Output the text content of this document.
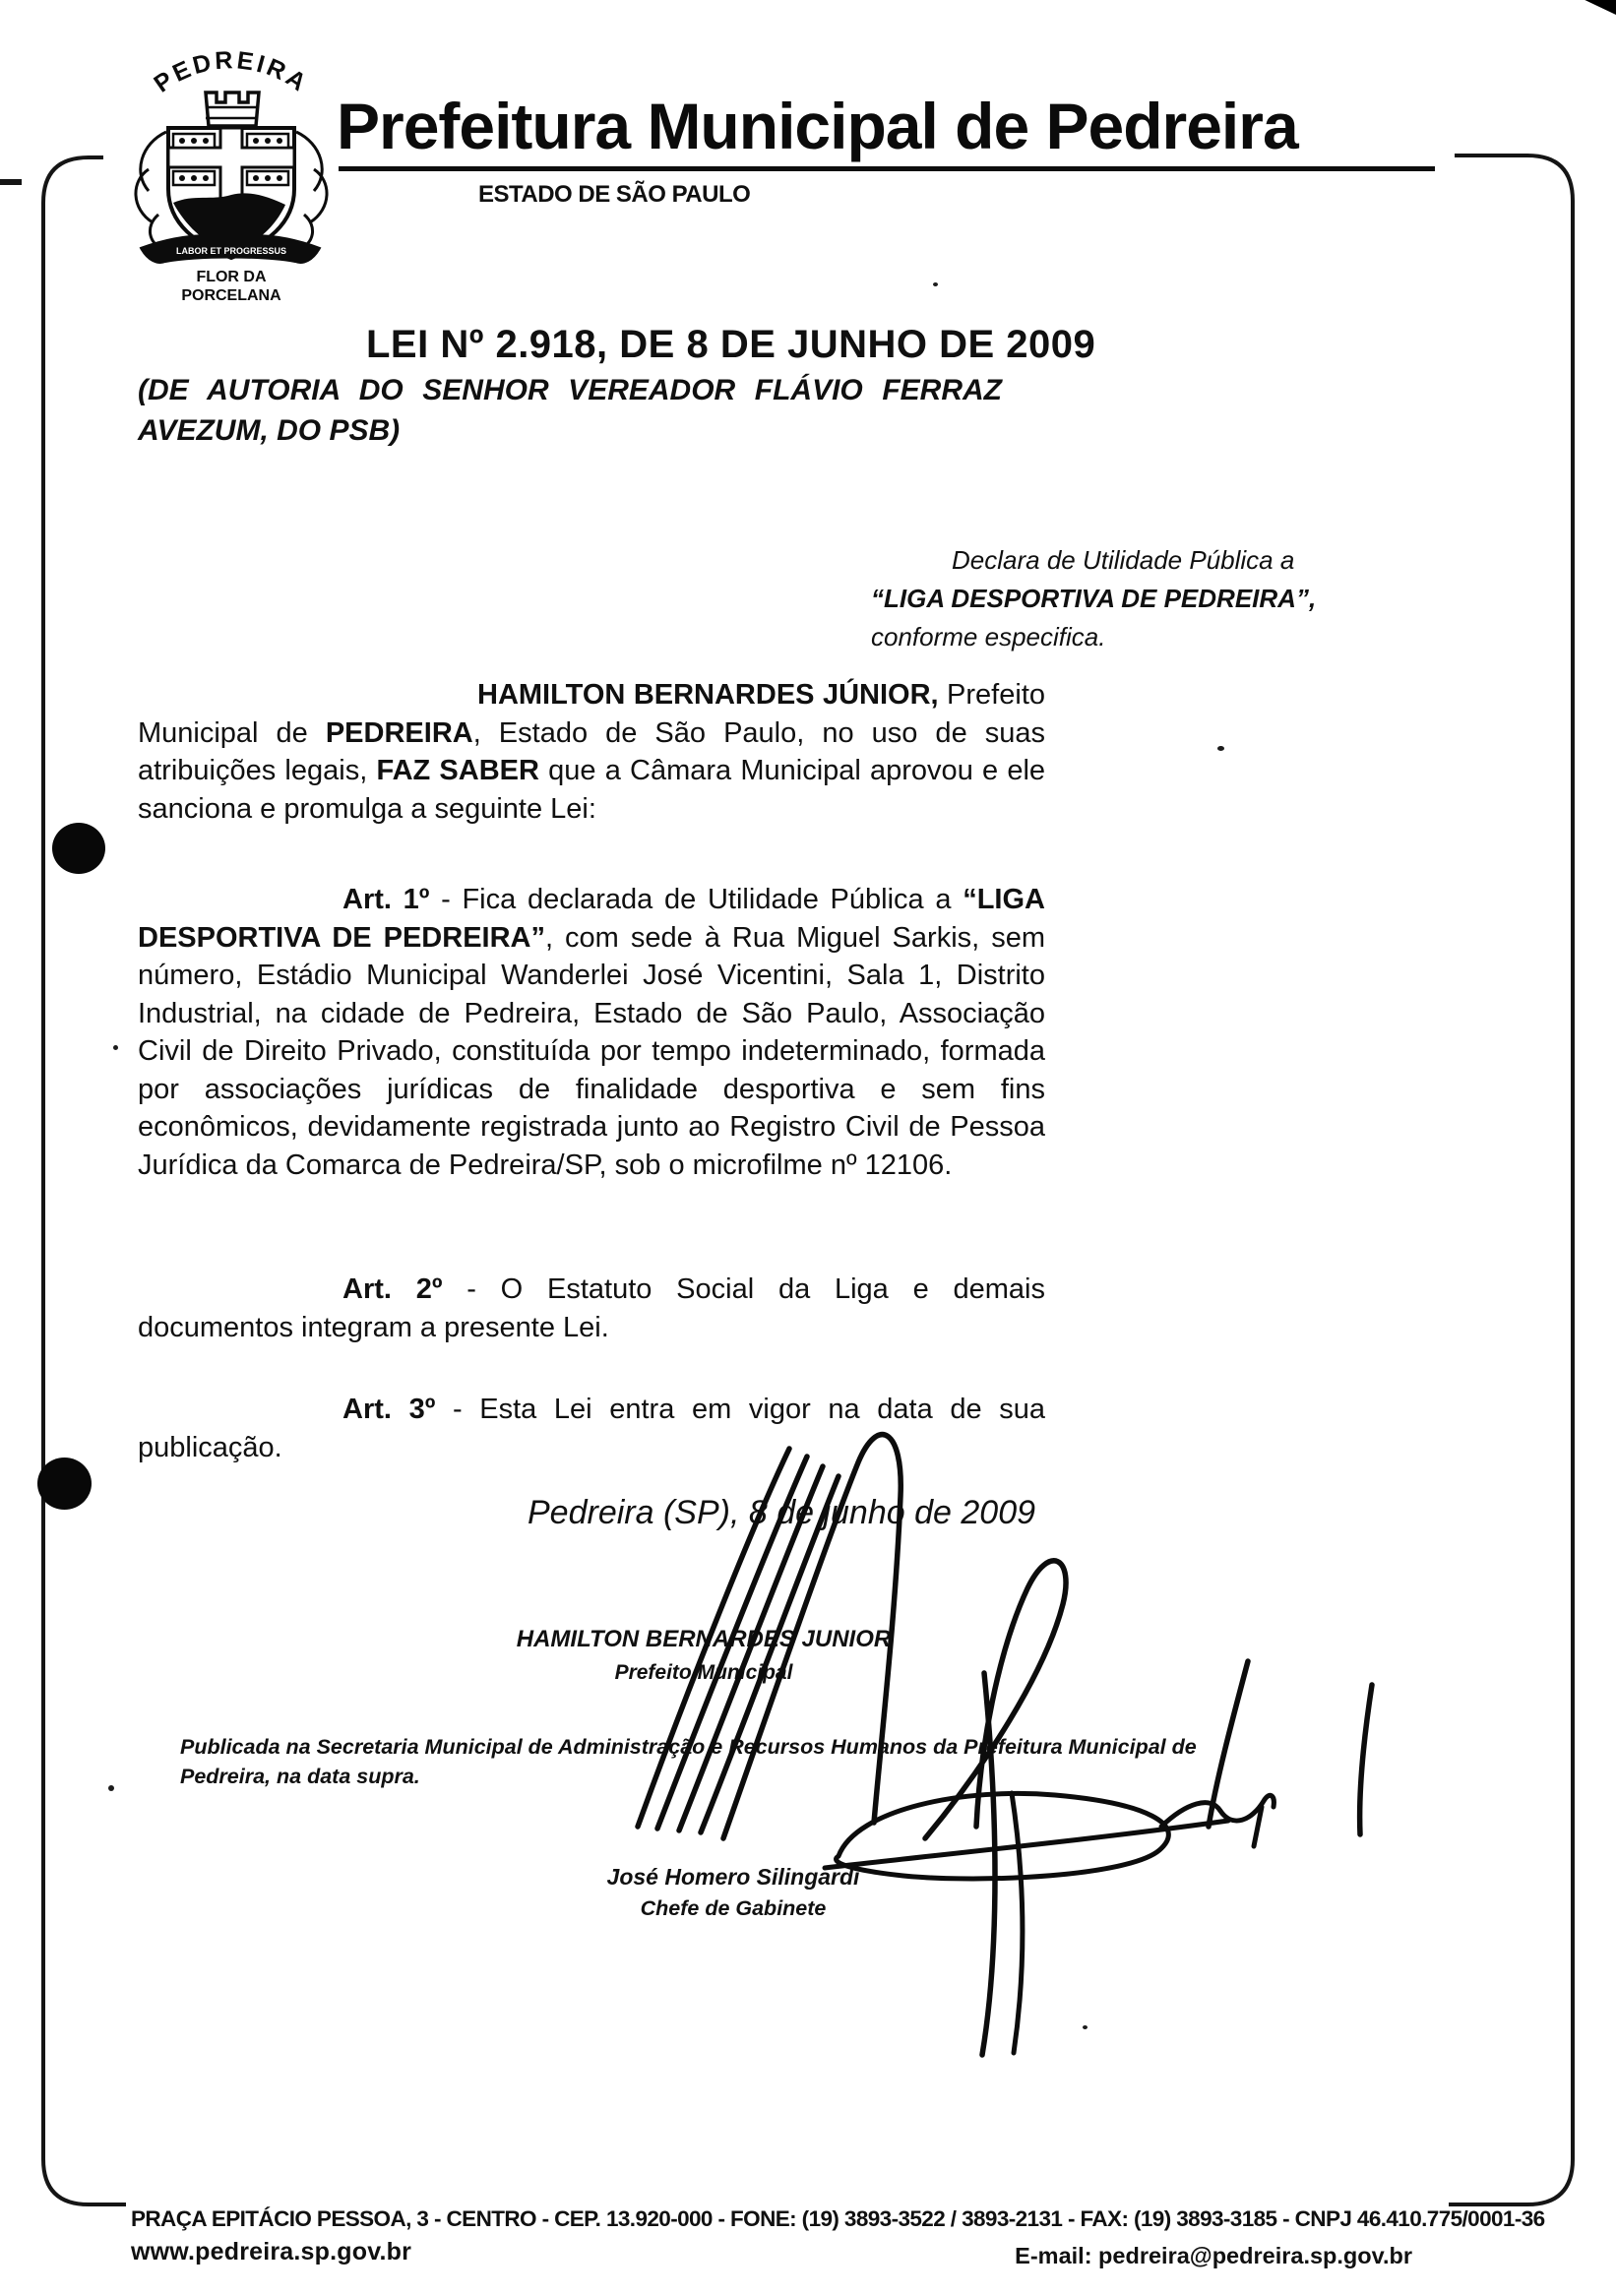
PEDREIRA
LABOR ET PROGRESSUS
FLOR DA
PORCELANA
Prefeitura Municipal de Pedreira
ESTADO DE SÃO PAULO
LEI Nº 2.918, DE 8 DE JUNHO DE 2009
(DE AUTORIA DO SENHOR VEREADOR FLÁVIO FERRAZ AVEZUM, DO PSB)
Declara de Utilidade Pública a
“LIGA DESPORTIVA DE PEDREIRA”,
conforme especifica.

HAMILTON BERNARDES JÚNIOR, Prefeito Municipal de PEDREIRA, Estado de São Paulo, no uso de suas atribuições legais, FAZ SABER que a Câmara Municipal aprovou e ele sanciona e promulga a seguinte Lei:

Art. 1º - Fica declarada de Utilidade Pública a “LIGA DESPORTIVA DE PEDREIRA”, com sede à Rua Miguel Sarkis, sem número, Estádio Municipal Wanderlei José Vicentini, Sala 1, Distrito Industrial, na cidade de Pedreira, Estado de São Paulo, Associação Civil de Direito Privado, constituída por tempo indeterminado, formada por associações jurídicas de finalidade desportiva e sem fins econômicos, devidamente registrada junto ao Registro Civil de Pessoa Jurídica da Comarca de Pedreira/SP, sob o microfilme nº 12106.

Art. 2º - O Estatuto Social da Liga e demais documentos integram a presente Lei.

Art. 3º - Esta Lei entra em vigor na data de sua publicação.

Pedreira (SP), 8 de junho de 2009
HAMILTON BERNARDES JUNIOR
Prefeito Municipal
Publicada na Secretaria Municipal de Administração e Recursos Humanos da Prefeitura Municipal de Pedreira, na data supra.
José Homero Silingardi
Chefe de Gabinete
PRAÇA EPITÁCIO PESSOA, 3 - CENTRO - CEP. 13.920-000 - FONE: (19) 3893-3522 / 3893-2131 - FAX: (19) 3893-3185 - CNPJ 46.410.775/0001-36
www.pedreira.sp.gov.br	E-mail: pedreira@pedreira.sp.gov.br
